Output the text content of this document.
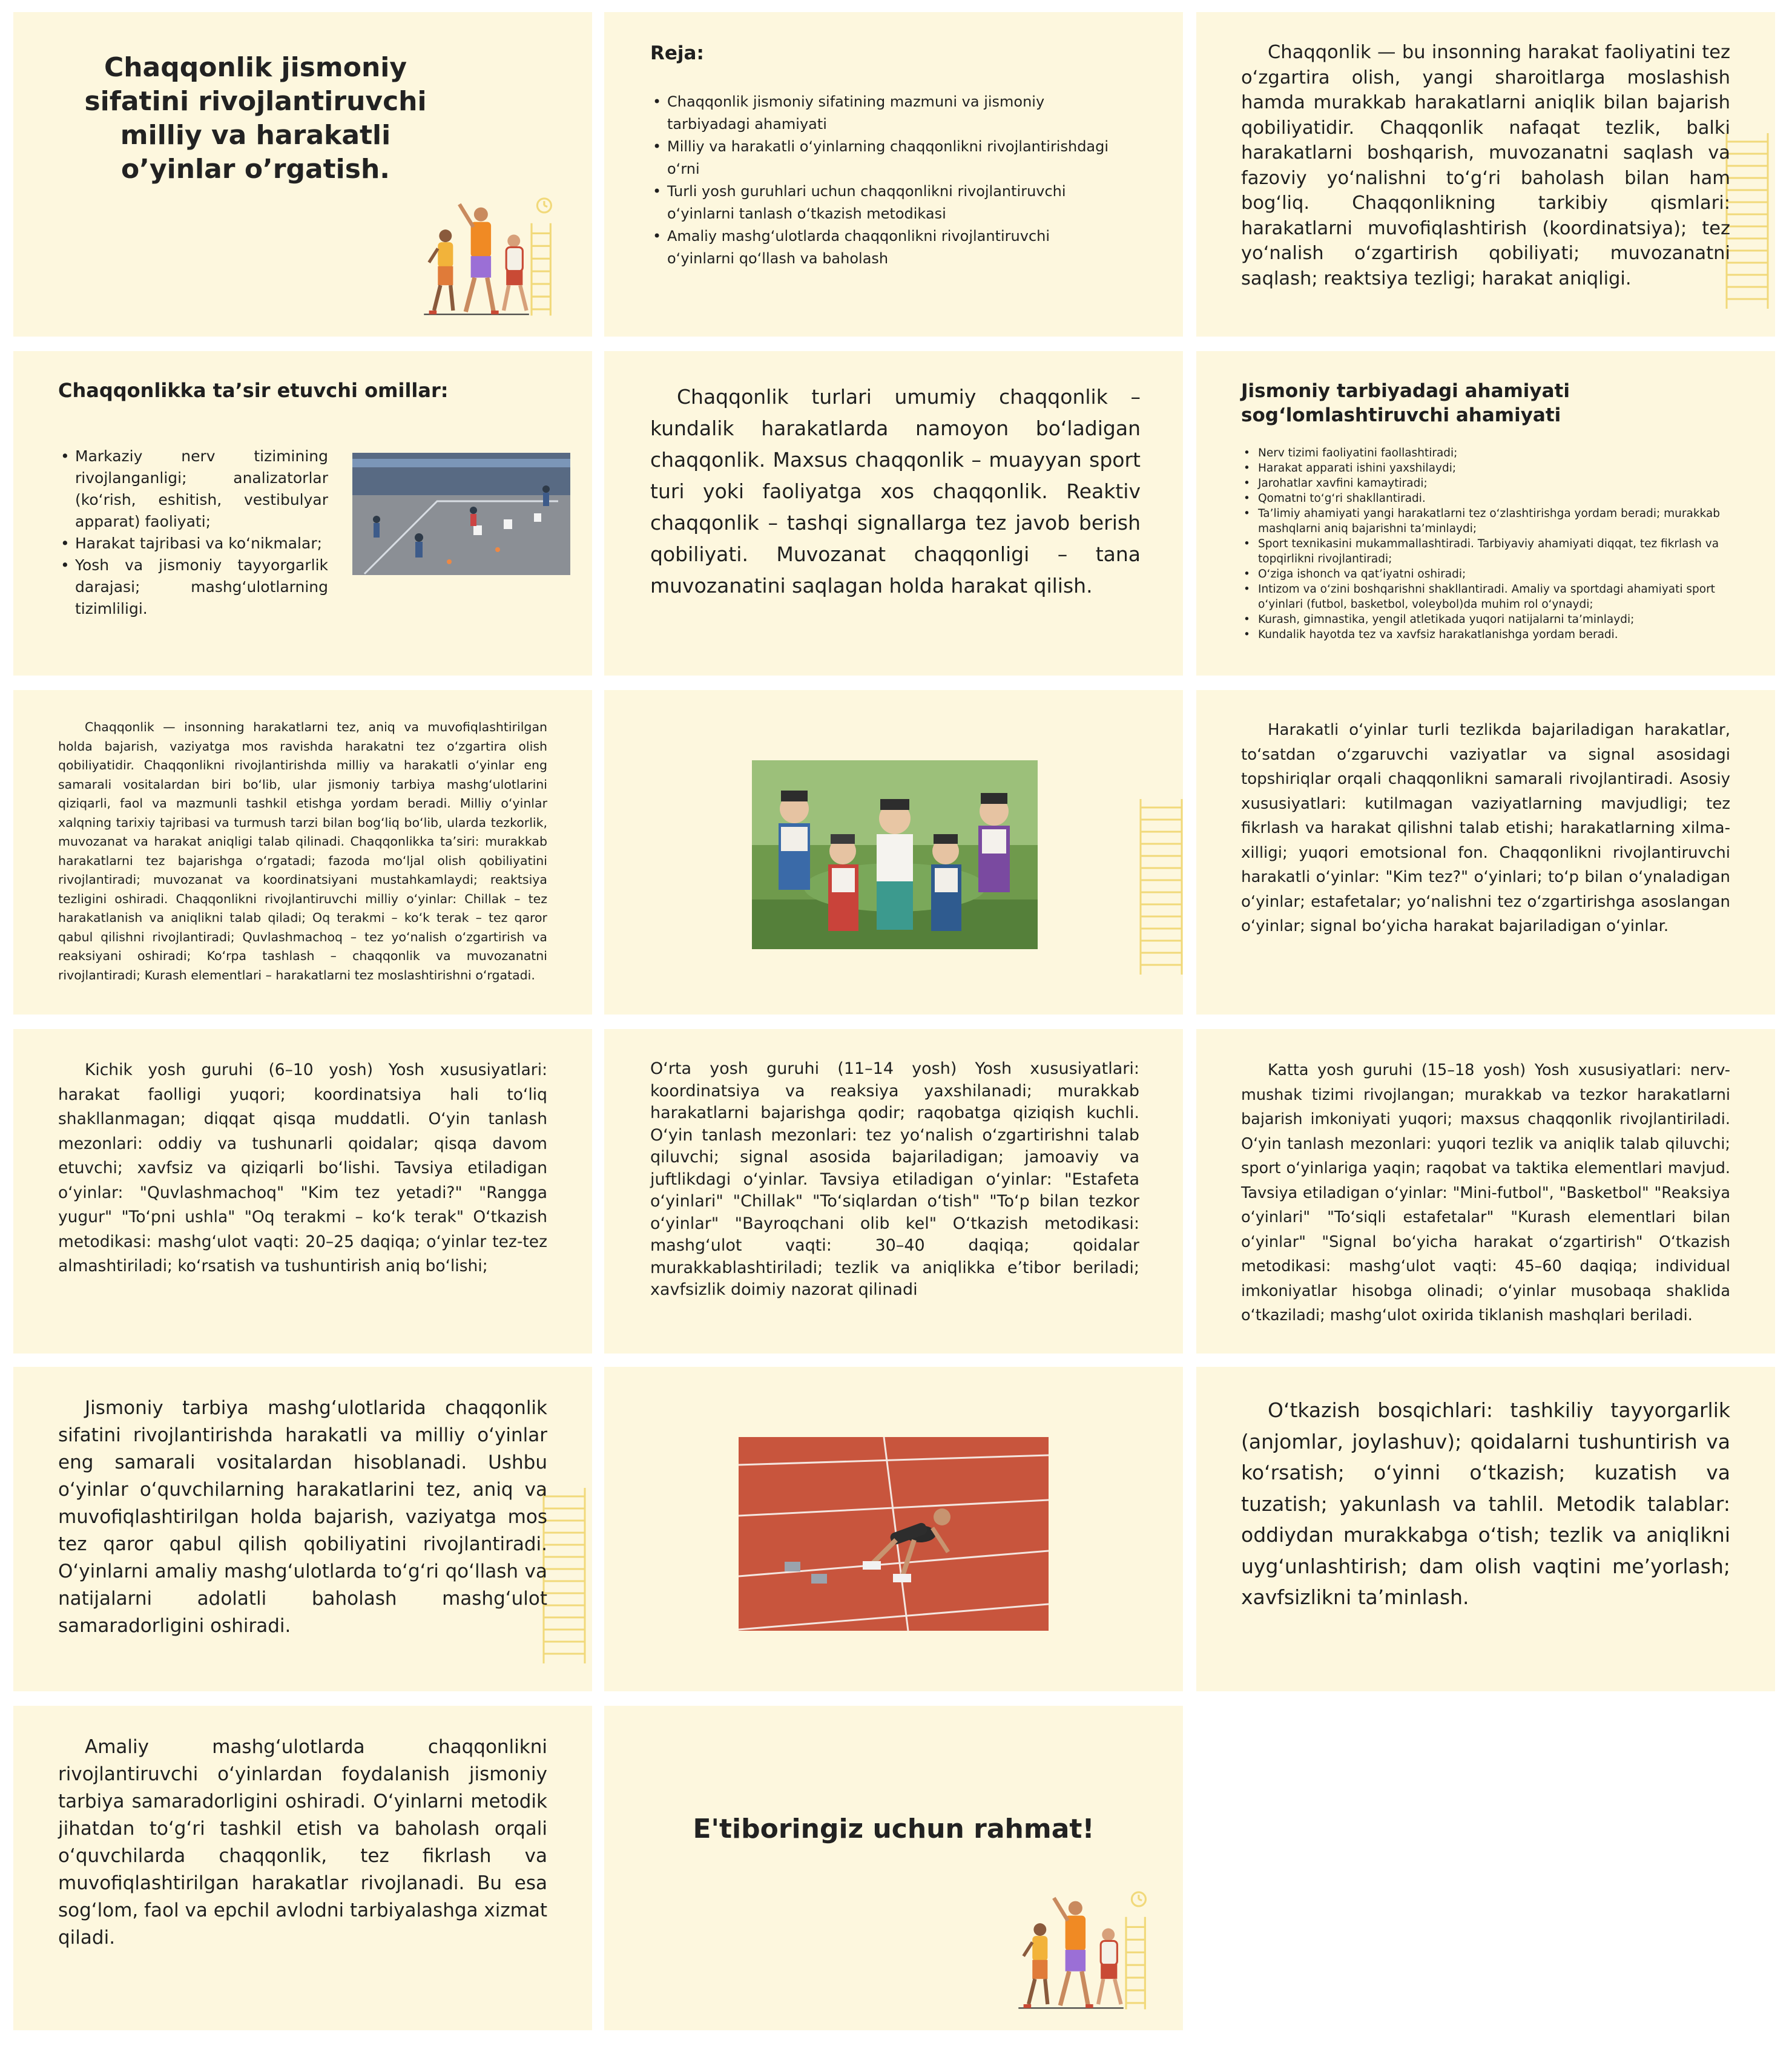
Chaqqonlik jismoniy sifatini rivojlantiruvchi milliy va harakatli o’yinlar o’rgatish.
Reja:
• Chaqqonlik jismoniy sifatining mazmuni va jismoniy tarbiyadagi ahamiyati
• Milliy va harakatli o‘yinlarning chaqqonlikni rivojlantirishdagi o‘rni
• Turli yosh guruhlari uchun chaqqonlikni rivojlantiruvchi o‘yinlarni tanlash o‘tkazish metodikasi
• Amaliy mashg‘ulotlarda chaqqonlikni rivojlantiruvchi o‘yinlarni qo‘llash va baholash

Chaqqonlik — bu insonning harakat faoliyatini tez o‘zgartira olish, yangi sharoitlarga moslashish hamda murakkab harakatlarni aniqlik bilan bajarish qobiliyatidir. Chaqqonlik nafaqat tezlik, balki harakatlarni boshqarish, muvozanatni saqlash va fazoviy yo‘nalishni to‘g‘ri baholash bilan ham bog‘liq. Chaqqonlikning tarkibiy qismlari: harakatlarni muvofiqlashtirish (koordinatsiya); tez yo‘nalish o‘zgartirish qobiliyati; muvozanatni saqlash; reaktsiya tezligi; harakat aniqligi.

Chaqqonlikka ta’sir etuvchi omillar:
• Markaziy nerv tizimining rivojlanganligi; analizatorlar (ko‘rish, eshitish, vestibulyar apparat) faoliyati;
• Harakat tajribasi va ko‘nikmalar;
• Yosh va jismoniy tayyorgarlik darajasi; mashg‘ulotlarning tizimliligi.

Chaqqonlik turlari umumiy chaqqonlik – kundalik harakatlarda namoyon bo‘ladigan chaqqonlik. Maxsus chaqqonlik – muayyan sport turi yoki faoliyatga xos chaqqonlik. Reaktiv chaqqonlik – tashqi signallarga tez javob berish qobiliyati. Muvozanat chaqqonligi – tana muvozanatini saqlagan holda harakat qilish.

Jismoniy tarbiyadagi ahamiyati sog‘lomlashtiruvchi ahamiyati
• Nerv tizimi faoliyatini faollashtiradi;
• Harakat apparati ishini yaxshilaydi;
• Jarohatlar xavfini kamaytiradi;
• Qomatni to‘g‘ri shakllantiradi.
• Ta’limiy ahamiyati yangi harakatlarni tez o‘zlashtirishga yordam beradi; murakkab mashqlarni aniq bajarishni ta’minlaydi;
• Sport texnikasini mukammallashtiradi. Tarbiyaviy ahamiyati diqqat, tez fikrlash va topqirlikni rivojlantiradi;
• O‘ziga ishonch va qat’iyatni oshiradi;
• Intizom va o‘zini boshqarishni shakllantiradi. Amaliy va sportdagi ahamiyati sport o‘yinlari (futbol, basketbol, voleybol)da muhim rol o‘ynaydi;
• Kurash, gimnastika, yengil atletikada yuqori natijalarni ta’minlaydi;
• Kundalik hayotda tez va xavfsiz harakatlanishga yordam beradi.

Chaqqonlik — insonning harakatlarni tez, aniq va muvofiqlashtirilgan holda bajarish, vaziyatga mos ravishda harakatni tez o‘zgartira olish qobiliyatidir. Chaqqonlikni rivojlantirishda milliy va harakatli o‘yinlar eng samarali vositalardan biri bo‘lib, ular jismoniy tarbiya mashg‘ulotlarini qiziqarli, faol va mazmunli tashkil etishga yordam beradi. Milliy o‘yinlar xalqning tarixiy tajribasi va turmush tarzi bilan bog‘liq bo‘lib, ularda tezkorlik, muvozanat va harakat aniqligi talab qilinadi. Chaqqonlikka ta’siri: murakkab harakatlarni tez bajarishga o‘rgatadi; fazoda mo‘ljal olish qobiliyatini rivojlantiradi; muvozanat va koordinatsiyani mustahkamlaydi; reaktsiya tezligini oshiradi. Chaqqonlikni rivojlantiruvchi milliy o‘yinlar: Chillak – tez harakatlanish va aniqlikni talab qiladi; Oq terakmi – ko‘k terak – tez qaror qabul qilishni rivojlantiradi; Quvlashmachoq – tez yo‘nalish o‘zgartirish va reaksiyani oshiradi; Ko‘rpa tashlash – chaqqonlik va muvozanatni rivojlantiradi; Kurash elementlari – harakatlarni tez moslashtirishni o‘rgatadi.

Harakatli o‘yinlar turli tezlikda bajariladigan harakatlar, to‘satdan o‘zgaruvchi vaziyatlar va signal asosidagi topshiriqlar orqali chaqqonlikni samarali rivojlantiradi. Asosiy xususiyatlari: kutilmagan vaziyatlarning mavjudligi; tez fikrlash va harakat qilishni talab etishi; harakatlarning xilma-xilligi; yuqori emotsional fon. Chaqqonlikni rivojlantiruvchi harakatli o‘yinlar: "Kim tez?" o‘yinlari; to‘p bilan o‘ynaladigan o‘yinlar; estafetalar; yo‘nalishni tez o‘zgartirishga asoslangan o‘yinlar; signal bo‘yicha harakat bajariladigan o‘yinlar.

Kichik yosh guruhi (6–10 yosh) Yosh xususiyatlari: harakat faolligi yuqori; koordinatsiya hali to‘liq shakllanmagan; diqqat qisqa muddatli. O‘yin tanlash mezonlari: oddiy va tushunarli qoidalar; qisqa davom etuvchi; xavfsiz va qiziqarli bo‘lishi. Tavsiya etiladigan o‘yinlar: "Quvlashmachoq" "Kim tez yetadi?" "Rangga yugur" "To‘pni ushla" "Oq terakmi – ko‘k terak" O‘tkazish metodikasi: mashg‘ulot vaqti: 20–25 daqiqa; o‘yinlar tez-tez almashtiriladi; ko‘rsatish va tushuntirish aniq bo‘lishi;

O‘rta yosh guruhi (11–14 yosh) Yosh xususiyatlari: koordinatsiya va reaksiya yaxshilanadi; murakkab harakatlarni bajarishga qodir; raqobatga qiziqish kuchli. O‘yin tanlash mezonlari: tez yo‘nalish o‘zgartirishni talab qiluvchi; signal asosida bajariladigan; jamoaviy va juftlikdagi o‘yinlar. Tavsiya etiladigan o‘yinlar: "Estafeta o‘yinlari" "Chillak" "To‘siqlardan o‘tish" "To‘p bilan tezkor o‘yinlar" "Bayroqchani olib kel" O‘tkazish metodikasi: mashg‘ulot vaqti: 30–40 daqiqa; qoidalar murakkablashtiriladi; tezlik va aniqlikka e’tibor beriladi; xavfsizlik doimiy nazorat qilinadi

Katta yosh guruhi (15–18 yosh) Yosh xususiyatlari: nerv-mushak tizimi rivojlangan; murakkab va tezkor harakatlarni bajarish imkoniyati yuqori; maxsus chaqqonlik rivojlantiriladi. O‘yin tanlash mezonlari: yuqori tezlik va aniqlik talab qiluvchi; sport o‘yinlariga yaqin; raqobat va taktika elementlari mavjud. Tavsiya etiladigan o‘yinlar: "Mini-futbol", "Basketbol" "Reaksiya o‘yinlari" "To‘siqli estafetalar" "Kurash elementlari bilan o‘yinlar" "Signal bo‘yicha harakat o‘zgartirish" O‘tkazish metodikasi: mashg‘ulot vaqti: 45–60 daqiqa; individual imkoniyatlar hisobga olinadi; o‘yinlar musobaqa shaklida o‘tkaziladi; mashg‘ulot oxirida tiklanish mashqlari beriladi.

Jismoniy tarbiya mashg‘ulotlarida chaqqonlik sifatini rivojlantirishda harakatli va milliy o‘yinlar eng samarali vositalardan hisoblanadi. Ushbu o‘yinlar o‘quvchilarning harakatlarini tez, aniq va muvofiqlashtirilgan holda bajarish, vaziyatga mos tez qaror qabul qilish qobiliyatini rivojlantiradi. O‘yinlarni amaliy mashg‘ulotlarda to‘g‘ri qo‘llash va natijalarni adolatli baholash mashg‘ulot samaradorligini oshiradi.

O‘tkazish bosqichlari: tashkiliy tayyorgarlik (anjomlar, joylashuv); qoidalarni tushuntirish va ko‘rsatish; o‘yinni o‘tkazish; kuzatish va tuzatish; yakunlash va tahlil. Metodik talablar: oddiydan murakkabga o‘tish; tezlik va aniqlikni uyg‘unlashtirish; dam olish vaqtini me’yorlash; xavfsizlikni ta’minlash.

Amaliy mashg‘ulotlarda chaqqonlikni rivojlantiruvchi o‘yinlardan foydalanish jismoniy tarbiya samaradorligini oshiradi. O‘yinlarni metodik jihatdan to‘g‘ri tashkil etish va baholash orqali o‘quvchilarda chaqqonlik, tez fikrlash va muvofiqlashtirilgan harakatlar rivojlanadi. Bu esa sog‘lom, faol va epchil avlodni tarbiyalashga xizmat qiladi.

E'tiboringiz uchun rahmat!
